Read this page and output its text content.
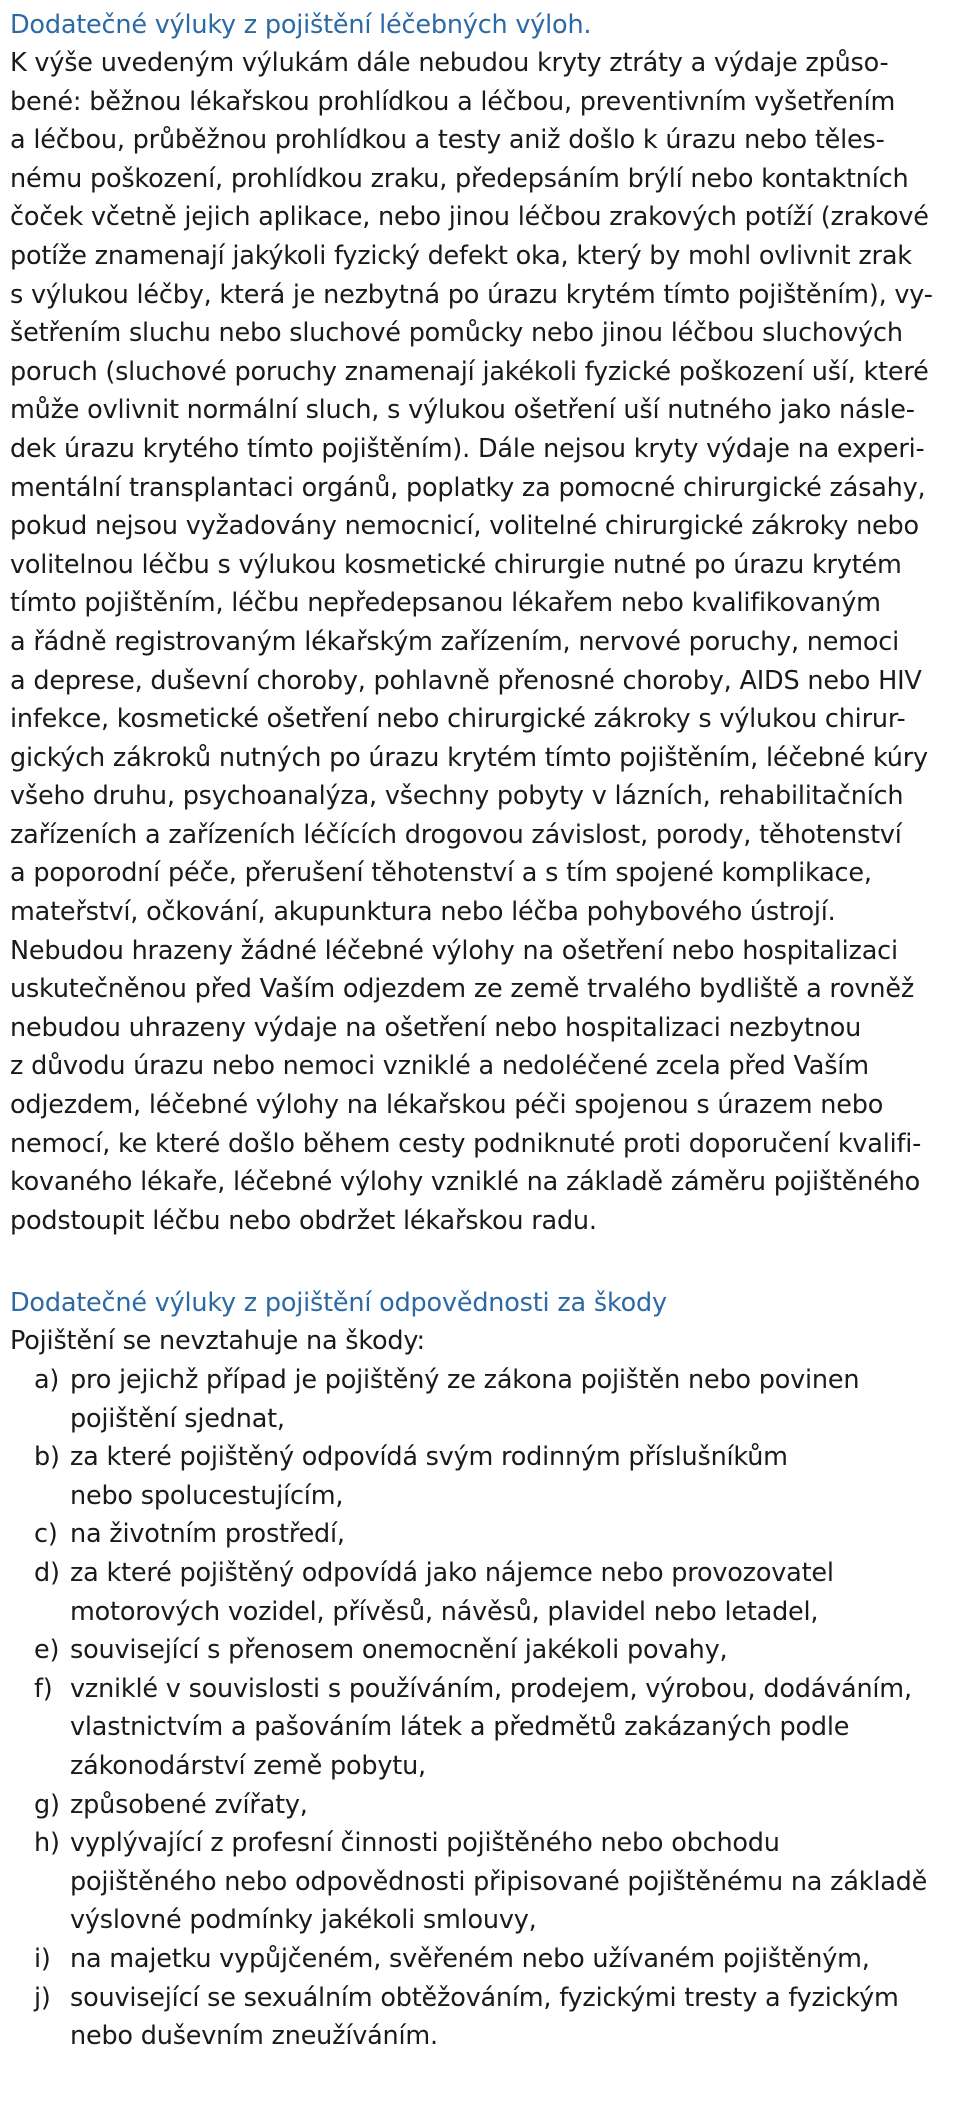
Dodatečné výluky z pojištění léčebných výloh.

K výše uvedeným výlukám dále nebudou kryty ztráty a výdaje způso-
bené: běžnou lékařskou prohlídkou a léčbou, preventivním vyšetřením
a léčbou, průběžnou prohlídkou a testy aniž došlo k úrazu nebo těles-
nému poškození, prohlídkou zraku, předepsáním brýlí nebo kontaktních
čoček včetně jejich aplikace, nebo jinou léčbou zrakových potíží (zrakové
potíže znamenají jakýkoli fyzický defekt oka, který by mohl ovlivnit zrak
s výlukou léčby, která je nezbytná po úrazu krytém tímto pojištěním), vy-
šetřením sluchu nebo sluchové pomůcky nebo jinou léčbou sluchových
poruch (sluchové poruchy znamenají jakékoli fyzické poškození uší, které
může ovlivnit normální sluch, s výlukou ošetření uší nutného jako násle-
dek úrazu krytého tímto pojištěním). Dále nejsou kryty výdaje na experi-
mentální transplantaci orgánů, poplatky za pomocné chirurgické zásahy,
pokud nejsou vyžadovány nemocnicí, volitelné chirurgické zákroky nebo
volitelnou léčbu s výlukou kosmetické chirurgie nutné po úrazu krytém
tímto pojištěním, léčbu nepředepsanou lékařem nebo kvalifikovaným
a řádně registrovaným lékařským zařízením, nervové poruchy, nemoci
a deprese, duševní choroby, pohlavně přenosné choroby, AIDS nebo HIV
infekce, kosmetické ošetření nebo chirurgické zákroky s výlukou chirur-
gických zákroků nutných po úrazu krytém tímto pojištěním, léčebné kúry
všeho druhu, psychoanalýza, všechny pobyty v lázních, rehabilitačních
zařízeních a zařízeních léčících drogovou závislost, porody, těhotenství
a poporodní péče, přerušení těhotenství a s tím spojené komplikace,
mateřství, očkování, akupunktura nebo léčba pohybového ústrojí.
Nebudou hrazeny žádné léčebné výlohy na ošetření nebo hospitalizaci
uskutečněnou před Vaším odjezdem ze země trvalého bydliště a rovněž
nebudou uhrazeny výdaje na ošetření nebo hospitalizaci nezbytnou
z důvodu úrazu nebo nemoci vzniklé a nedoléčené zcela před Vaším
odjezdem, léčebné výlohy na lékařskou péči spojenou s úrazem nebo
nemocí, ke které došlo během cesty podniknuté proti doporučení kvalifi-
kovaného lékaře, léčebné výlohy vzniklé na základě záměru pojištěného
podstoupit léčbu nebo obdržet lékařskou radu.

Dodatečné výluky z pojištění odpovědnosti za škody

Pojištění se nevztahuje na škody:

a) pro jejichž případ je pojištěný ze zákona pojištěn nebo povinen
pojištění sjednat,
b) za které pojištěný odpovídá svým rodinným příslušníkům
nebo spolucestujícím,
c) na životním prostředí,
d) za které pojištěný odpovídá jako nájemce nebo provozovatel
motorových vozidel, přívěsů, návěsů, plavidel nebo letadel,
e) související s přenosem onemocnění jakékoli povahy,
f) vzniklé v souvislosti s používáním, prodejem, výrobou, dodáváním,
vlastnictvím a pašováním látek a předmětů zakázaných podle
zákonodárství země pobytu,
g) způsobené zvířaty,
h) vyplývající z profesní činnosti pojištěného nebo obchodu
pojištěného nebo odpovědnosti připisované pojištěnému na základě
výslovné podmínky jakékoli smlouvy,
i) na majetku vypůjčeném, svěřeném nebo užívaném pojištěným,
j) související se sexuálním obtěžováním, fyzickými tresty a fyzickým
nebo duševním zneužíváním.
